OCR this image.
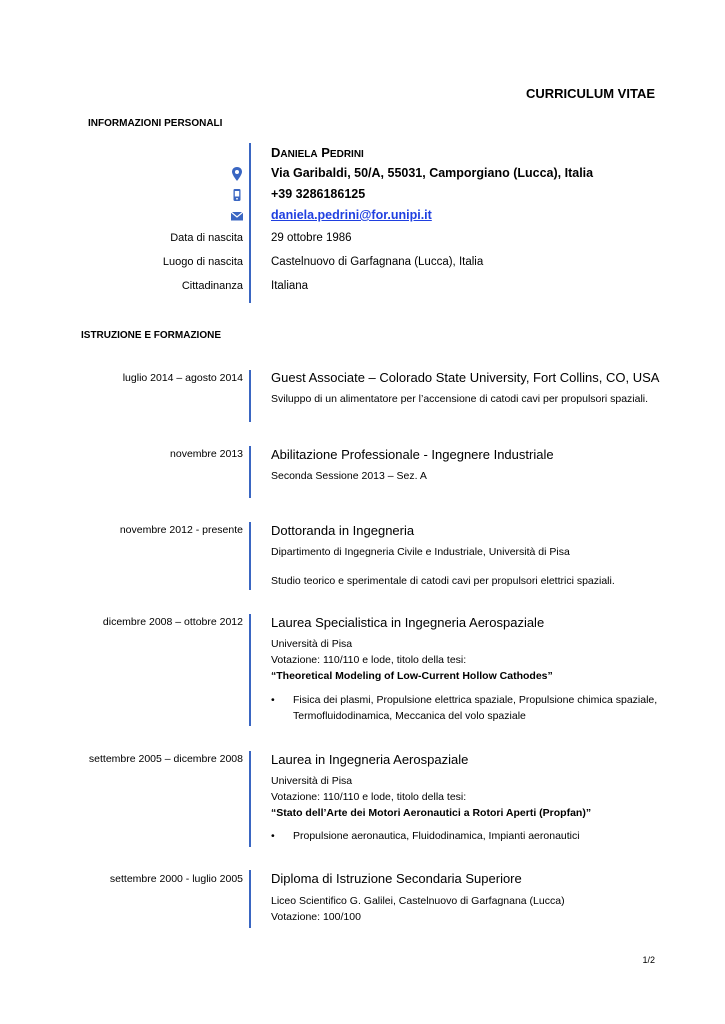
CURRICULUM VITAE
INFORMAZIONI PERSONALI
DANIELA PEDRINI
Via Garibaldi, 50/A, 55031, Camporgiano (Lucca), Italia
+39 3286186125
daniela.pedrini@for.unipi.it
Data di nascita 29 ottobre 1986
Luogo di nascita Castelnuovo di Garfagnana (Lucca), Italia
Cittadinanza Italiana
ISTRUZIONE E FORMAZIONE
luglio 2014 – agosto 2014 Guest Associate – Colorado State University, Fort Collins, CO, USA
Sviluppo di un alimentatore per l’accensione di catodi cavi per propulsori spaziali.
novembre 2013 Abilitazione Professionale - Ingegnere Industriale
Seconda Sessione 2013 – Sez. A
novembre 2012 - presente Dottoranda in Ingegneria
Dipartimento di Ingegneria Civile e Industriale, Università di Pisa
Studio teorico e sperimentale di catodi cavi per propulsori elettrici spaziali.
dicembre 2008 – ottobre 2012 Laurea Specialistica in Ingegneria Aerospaziale
Università di Pisa
Votazione: 110/110 e lode, titolo della tesi:
“Theoretical Modeling of Low-Current Hollow Cathodes”
• Fisica dei plasmi, Propulsione elettrica spaziale, Propulsione chimica spaziale, Termofluidodinamica, Meccanica del volo spaziale
settembre 2005 – dicembre 2008 Laurea in Ingegneria Aerospaziale
Università di Pisa
Votazione: 110/110 e lode, titolo della tesi:
“Stato dell’Arte dei Motori Aeronautici a Rotori Aperti (Propfan)”
• Propulsione aeronautica, Fluidodinamica, Impianti aeronautici
settembre 2000 - luglio 2005 Diploma di Istruzione Secondaria Superiore
Liceo Scientifico G. Galilei, Castelnuovo di Garfagnana (Lucca)
Votazione: 100/100
1/2
